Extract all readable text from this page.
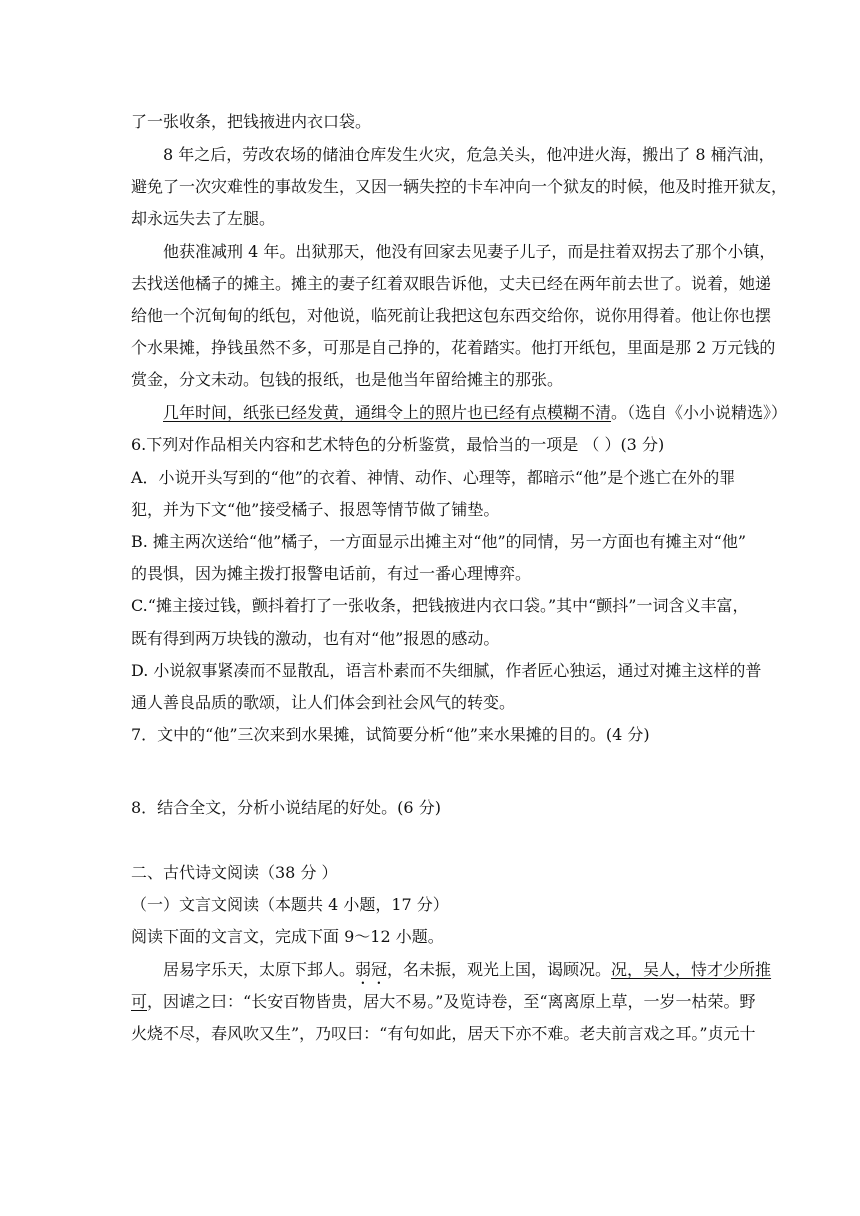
了一张收条，把钱掖进内衣口袋。
8 年之后，劳改农场的储油仓库发生火灾，危急关头，他冲进火海，搬出了 8 桶汽油，
避免了一次灾难性的事故发生，又因一辆失控的卡车冲向一个狱友的时候，他及时推开狱友，
却永远失去了左腿。
他获准减刑 4 年。出狱那天，他没有回家去见妻子儿子，而是拄着双拐去了那个小镇，
去找送他橘子的摊主。摊主的妻子红着双眼告诉他，丈夫已经在两年前去世了。说着，她递
给他一个沉甸甸的纸包，对他说，临死前让我把这包东西交给你，说你用得着。他让你也摆
个水果摊，挣钱虽然不多，可那是自己挣的，花着踏实。他打开纸包，里面是那 2 万元钱的
赏金，分文未动。包钱的报纸，也是他当年留给摊主的那张。
几年时间，纸张已经发黄，通缉令上的照片也已经有点模糊不清。（选自《小小说精选》）
6.下列对作品相关内容和艺术特色的分析鉴赏，最恰当的一项是 （ ）(3 分)
A．小说开头写到的“他”的衣着、神情、动作、心理等，都暗示“他”是个逃亡在外的罪
犯，并为下文“他”接受橘子、报恩等情节做了铺垫。
B. 摊主两次送给“他”橘子，一方面显示出摊主对“他”的同情，另一方面也有摊主对“他”
的畏惧，因为摊主拨打报警电话前，有过一番心理博弈。
C.“摊主接过钱，颤抖着打了一张收条，把钱掖进内衣口袋。”其中“颤抖”一词含义丰富，
既有得到两万块钱的激动，也有对“他”报恩的感动。
D. 小说叙事紧凑而不显散乱，语言朴素而不失细腻，作者匠心独运，通过对摊主这样的普
通人善良品质的歌颂，让人们体会到社会风气的转变。
7．文中的“他”三次来到水果摊，试简要分析“他”来水果摊的目的。(4 分)
8．结合全文，分析小说结尾的好处。(6 分)
二、古代诗文阅读（38 分 ）
（一）文言文阅读（本题共 4 小题，17 分）
阅读下面的文言文，完成下面 9～12 小题。
居易字乐天，太原下邽人。弱冠，名未振，观光上国，谒顾况。况，吴人，恃才少所推
可，因谑之曰：“长安百物皆贵，居大不易。”及览诗卷，至“离离原上草，一岁一枯荣。野
火烧不尽，春风吹又生”，乃叹曰：“有句如此，居天下亦不难。老夫前言戏之耳。”贞元十
